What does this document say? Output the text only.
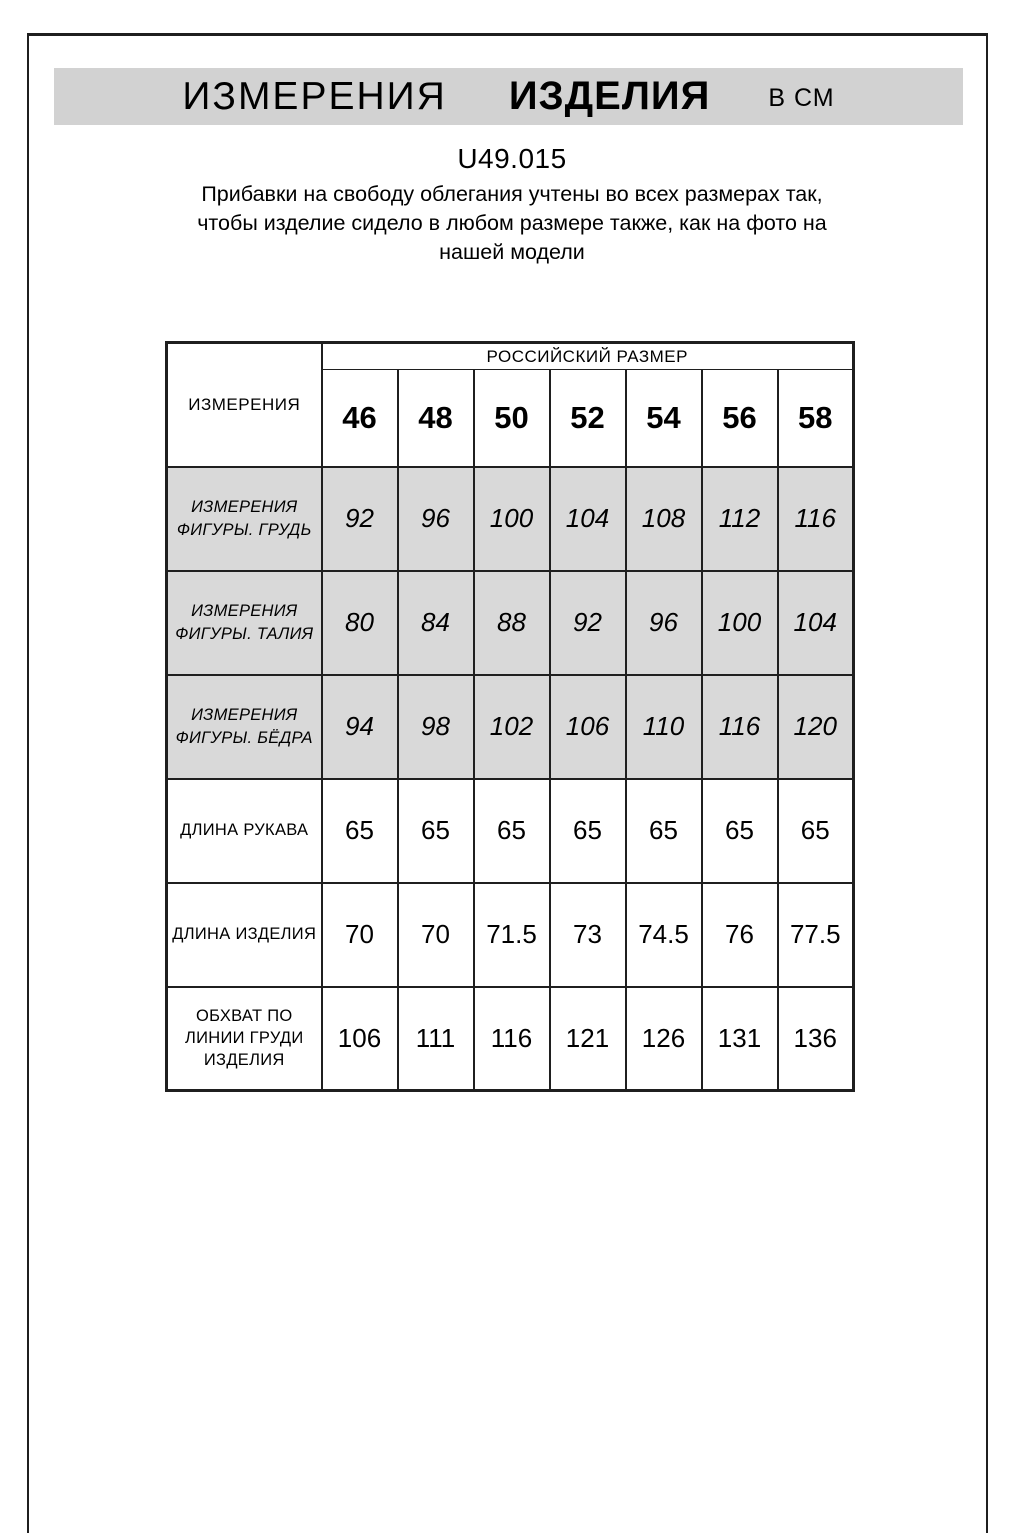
ИЗМЕРЕНИЯ ИЗДЕЛИЯ В СМ
U49.015
Прибавки на свободу облегания учтены во всех размерах так,
чтобы изделие сидело в любом размере также, как на фото на
нашей модели
ИЗМЕРЕНИЯ	РОССИЙСКИЙ РАЗМЕР						
	46	48	50	52	54	56	58
ИЗМЕРЕНИЯ ФИГУРЫ. ГРУДЬ	92	96	100	104	108	112	116
ИЗМЕРЕНИЯ ФИГУРЫ. ТАЛИЯ	80	84	88	92	96	100	104
ИЗМЕРЕНИЯ ФИГУРЫ. БЁДРА	94	98	102	106	110	116	120
ДЛИНА РУКАВА	65	65	65	65	65	65	65
ДЛИНА ИЗДЕЛИЯ	70	70	71.5	73	74.5	76	77.5
ОБХВАТ ПО ЛИНИИ ГРУДИ ИЗДЕЛИЯ	106	111	116	121	126	131	136
